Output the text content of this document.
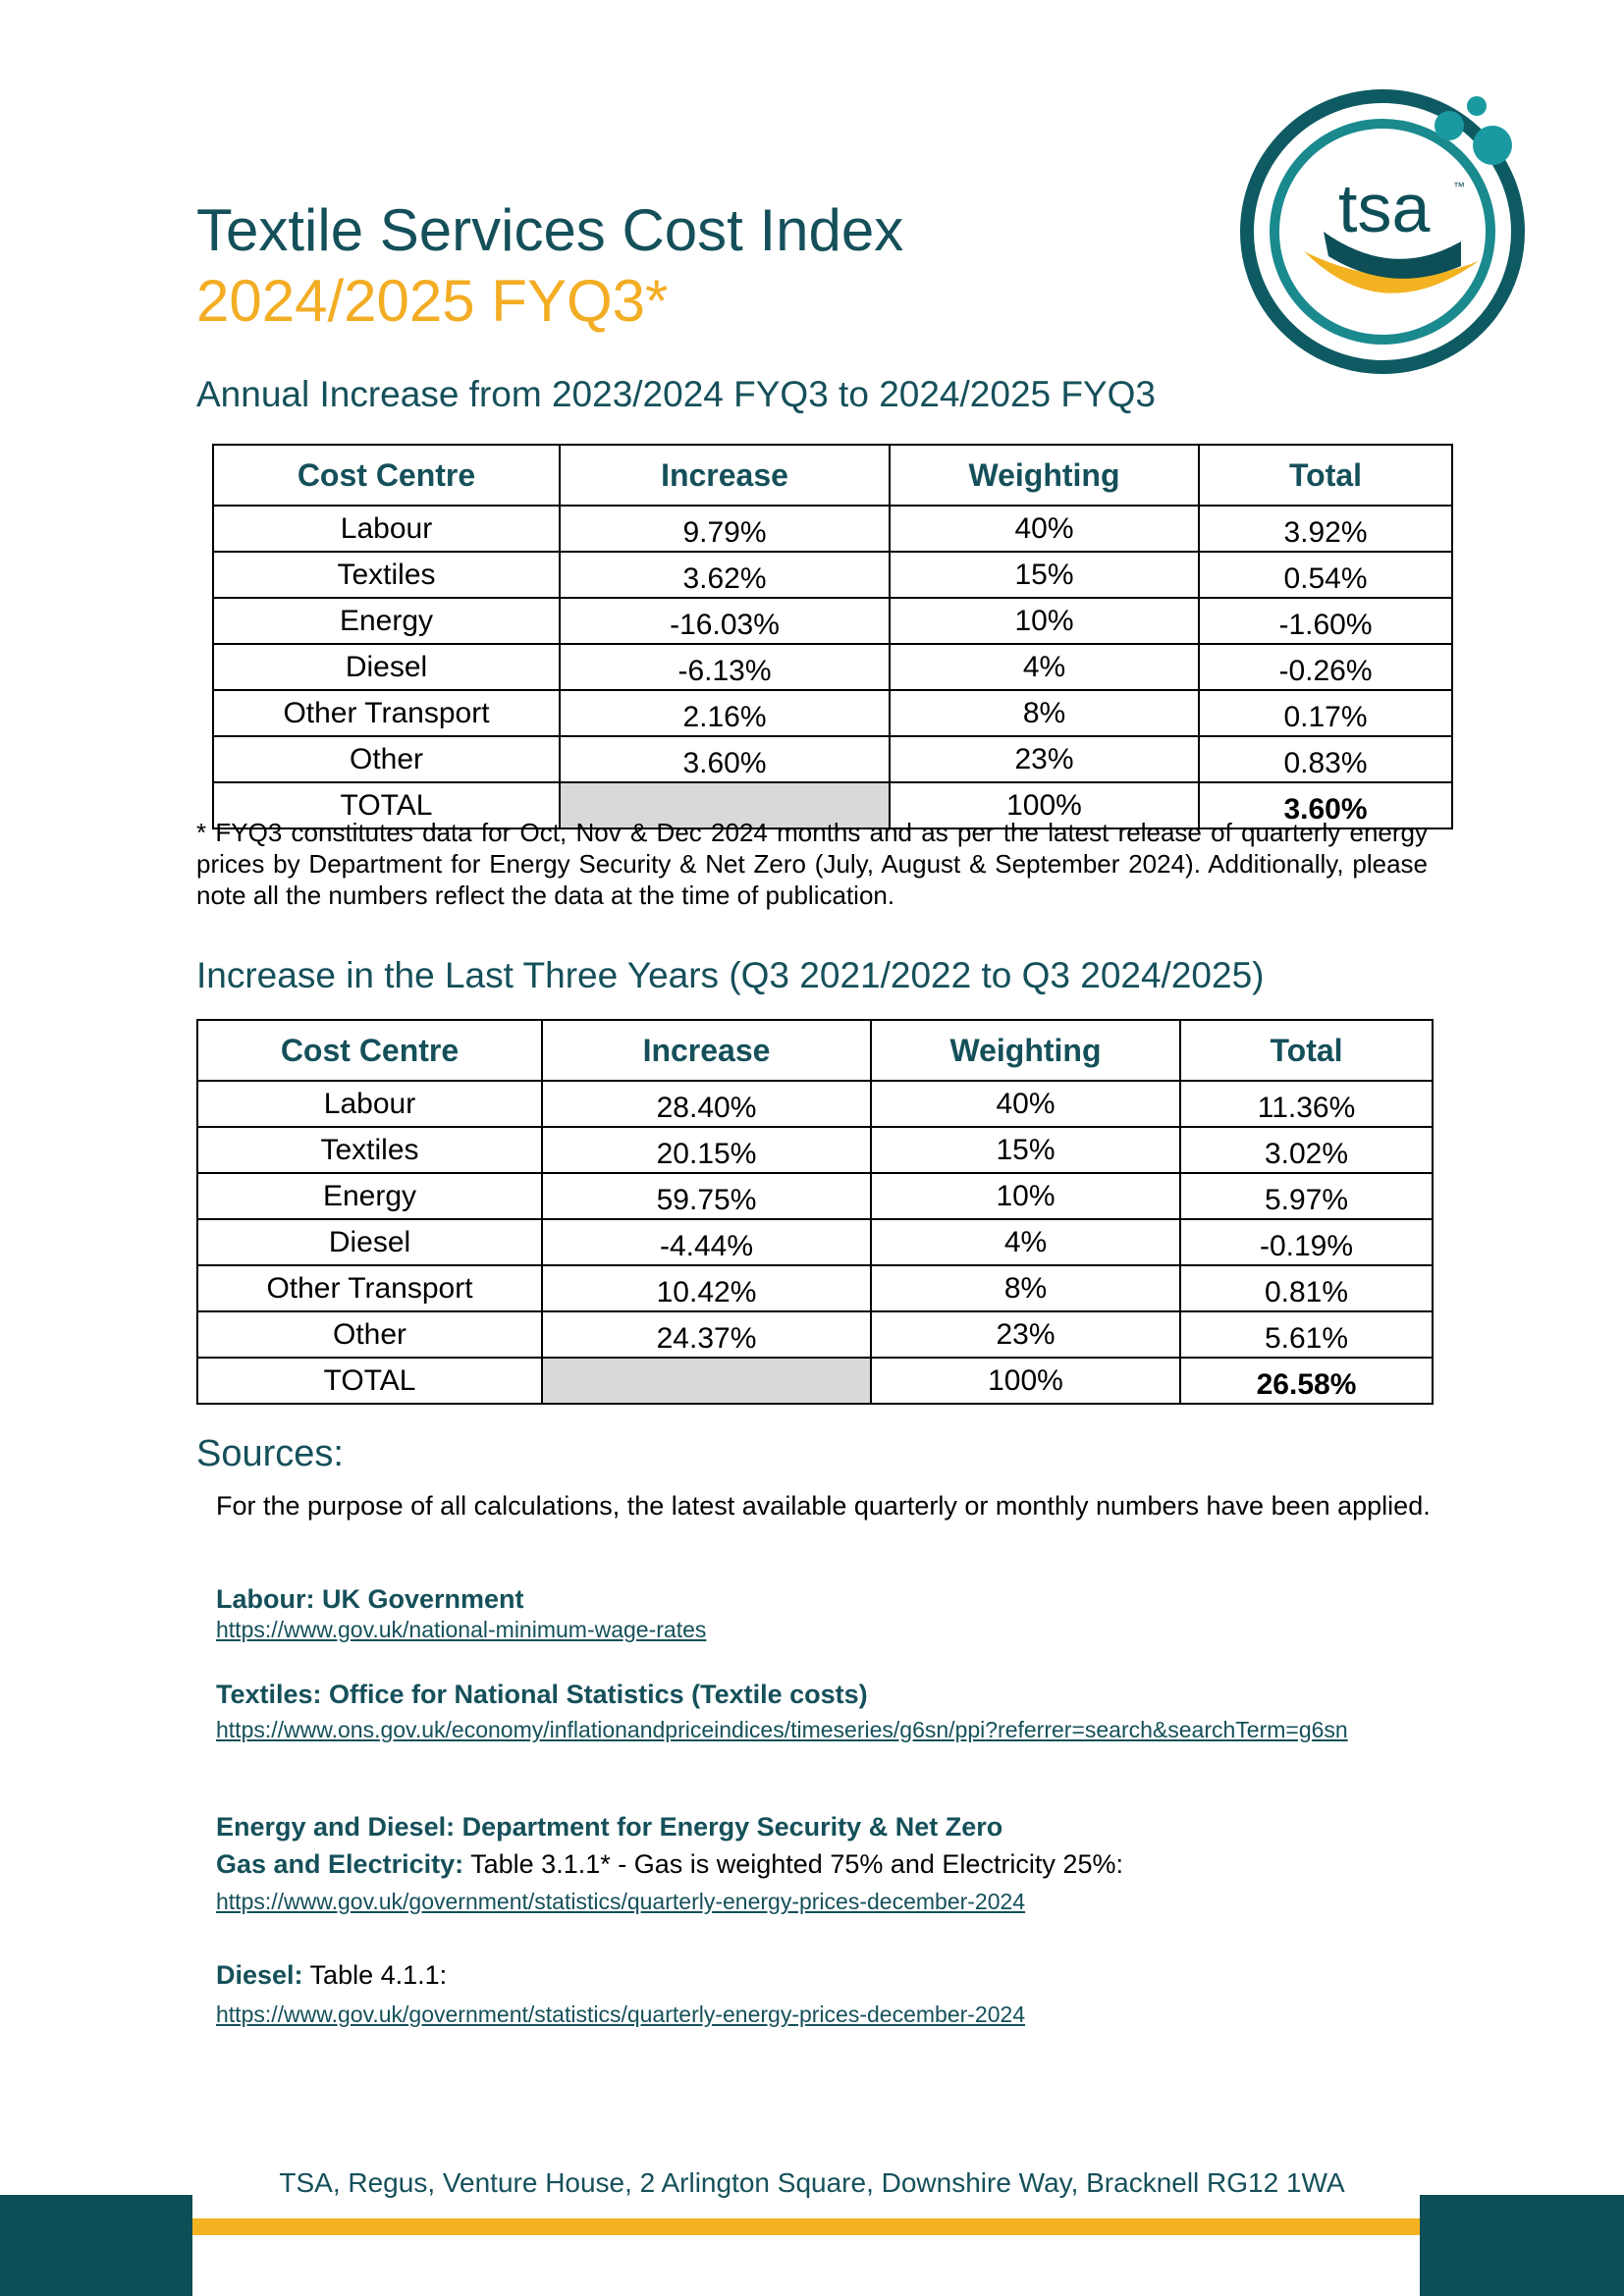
tsa ™
Textile Services Cost Index
2024/2025 FYQ3*
Annual Increase from 2023/2024 FYQ3 to 2024/2025 FYQ3
Cost Centre	Increase	Weighting	Total
Labour	9.79%	40%	3.92%
Textiles	3.62%	15%	0.54%
Energy	-16.03%	10%	-1.60%
Diesel	-6.13%	4%	-0.26%
Other Transport	2.16%	8%	0.17%
Other	3.60%	23%	0.83%
TOTAL		100%	3.60%
* FYQ3 constitutes data for Oct, Nov & Dec 2024 months and as per the latest release of quarterly energy prices by Department for Energy Security & Net Zero (July, August & September 2024). Additionally, please note all the numbers reflect the data at the time of publication.
Increase in the Last Three Years (Q3 2021/2022 to Q3 2024/2025)
Cost Centre	Increase	Weighting	Total
Labour	28.40%	40%	11.36%
Textiles	20.15%	15%	3.02%
Energy	59.75%	10%	5.97%
Diesel	-4.44%	4%	-0.19%
Other Transport	10.42%	8%	0.81%
Other	24.37%	23%	5.61%
TOTAL		100%	26.58%
Sources:
For the purpose of all calculations, the latest available quarterly or monthly numbers have been applied.
Labour: UK Government
https://www.gov.uk/national-minimum-wage-rates
Textiles: Office for National Statistics (Textile costs)
https://www.ons.gov.uk/economy/inflationandpriceindices/timeseries/g6sn/ppi?referrer=search&searchTerm=g6sn
Energy and Diesel: Department for Energy Security & Net Zero
Gas and Electricity: Table 3.1.1* - Gas is weighted 75% and Electricity 25%:
https://www.gov.uk/government/statistics/quarterly-energy-prices-december-2024
Diesel: Table 4.1.1:
https://www.gov.uk/government/statistics/quarterly-energy-prices-december-2024
TSA, Regus, Venture House, 2 Arlington Square, Downshire Way, Bracknell RG12 1WA
